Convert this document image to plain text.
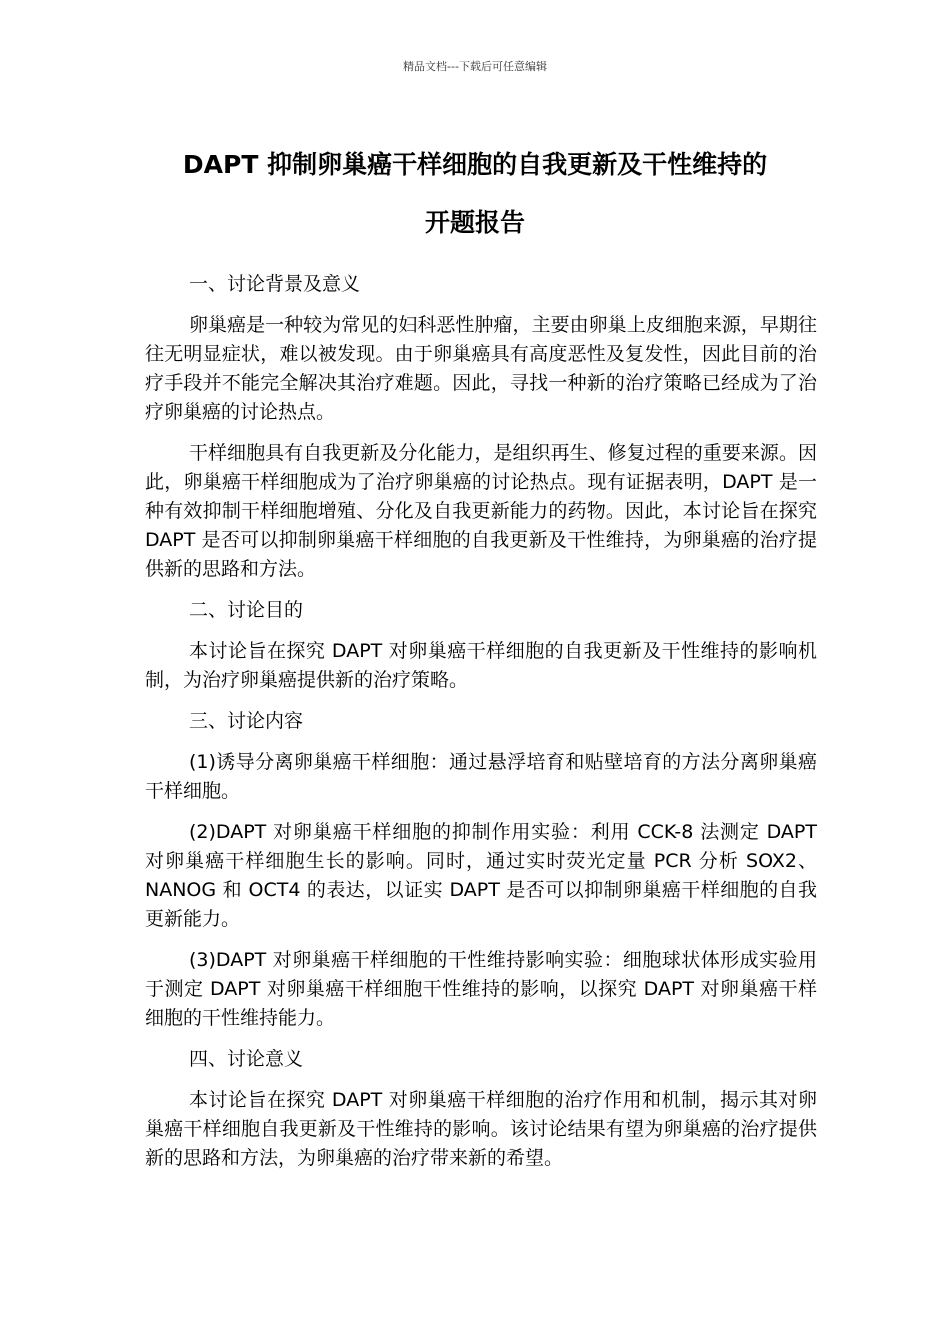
精品文档---下载后可任意编辑
DAPT 抑制卵巢癌干样细胞的自我更新及干性维持的
开题报告
一、讨论背景及意义
卵巢癌是一种较为常见的妇科恶性肿瘤，主要由卵巢上皮细胞来源，早期往往无明显症状，难以被发现。由于卵巢癌具有高度恶性及复发性，因此目前的治疗手段并不能完全解决其治疗难题。因此，寻找一种新的治疗策略已经成为了治疗卵巢癌的讨论热点。
干样细胞具有自我更新及分化能力，是组织再生、修复过程的重要来源。因此，卵巢癌干样细胞成为了治疗卵巢癌的讨论热点。现有证据表明，DAPT 是一种有效抑制干样细胞增殖、分化及自我更新能力的药物。因此，本讨论旨在探究 DAPT 是否可以抑制卵巢癌干样细胞的自我更新及干性维持，为卵巢癌的治疗提供新的思路和方法。
二、讨论目的
本讨论旨在探究 DAPT 对卵巢癌干样细胞的自我更新及干性维持的影响机制，为治疗卵巢癌提供新的治疗策略。
三、讨论内容
(1)诱导分离卵巢癌干样细胞：通过悬浮培育和贴壁培育的方法分离卵巢癌干样细胞。
(2)DAPT 对卵巢癌干样细胞的抑制作用实验：利用 CCK-8 法测定 DAPT 对卵巢癌干样细胞生长的影响。同时，通过实时荧光定量 PCR 分析 SOX2、NANOG 和 OCT4 的表达，以证实 DAPT 是否可以抑制卵巢癌干样细胞的自我更新能力。
(3)DAPT 对卵巢癌干样细胞的干性维持影响实验：细胞球状体形成实验用于测定 DAPT 对卵巢癌干样细胞干性维持的影响，以探究 DAPT 对卵巢癌干样细胞的干性维持能力。
四、讨论意义
本讨论旨在探究 DAPT 对卵巢癌干样细胞的治疗作用和机制，揭示其对卵巢癌干样细胞自我更新及干性维持的影响。该讨论结果有望为卵巢癌的治疗提供新的思路和方法，为卵巢癌的治疗带来新的希望。
